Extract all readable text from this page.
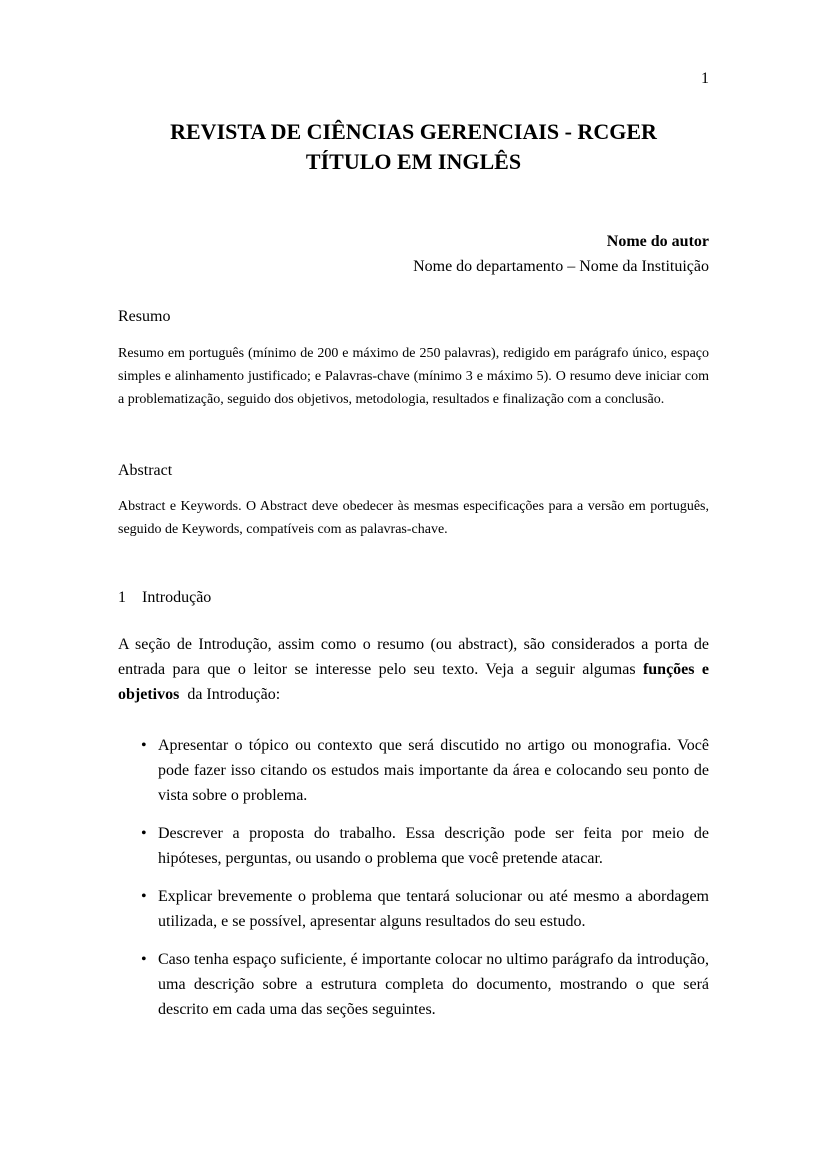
1
REVISTA DE CIÊNCIAS GERENCIAIS - RCGER
TÍTULO EM INGLÊS
Nome do autor
Nome do departamento – Nome da Instituição
Resumo

Resumo em português (mínimo de 200 e máximo de 250 palavras), redigido em parágrafo único, espaço simples e alinhamento justificado; e Palavras-chave (mínimo 3 e máximo 5). O resumo deve iniciar com a problematização, seguido dos objetivos, metodologia, resultados e finalização com a conclusão.

Abstract

Abstract e Keywords. O Abstract deve obedecer às mesmas especificações para a versão em português, seguido de Keywords, compatíveis com as palavras-chave.

1 Introdução

A seção de Introdução, assim como o resumo (ou abstract), são considerados a porta de entrada para que o leitor se interesse pelo seu texto. Veja a seguir algumas funções e objetivos  da Introdução:

• Apresentar o tópico ou contexto que será discutido no artigo ou monografia. Você pode fazer isso citando os estudos mais importante da área e colocando seu ponto de vista sobre o problema.
• Descrever a proposta do trabalho. Essa descrição pode ser feita por meio de hipóteses, perguntas, ou usando o problema que você pretende atacar.
• Explicar brevemente o problema que tentará solucionar ou até mesmo a abordagem utilizada, e se possível, apresentar alguns resultados do seu estudo.
• Caso tenha espaço suficiente, é importante colocar no ultimo parágrafo da introdução, uma descrição sobre a estrutura completa do documento, mostrando o que será descrito em cada uma das seções seguintes.
